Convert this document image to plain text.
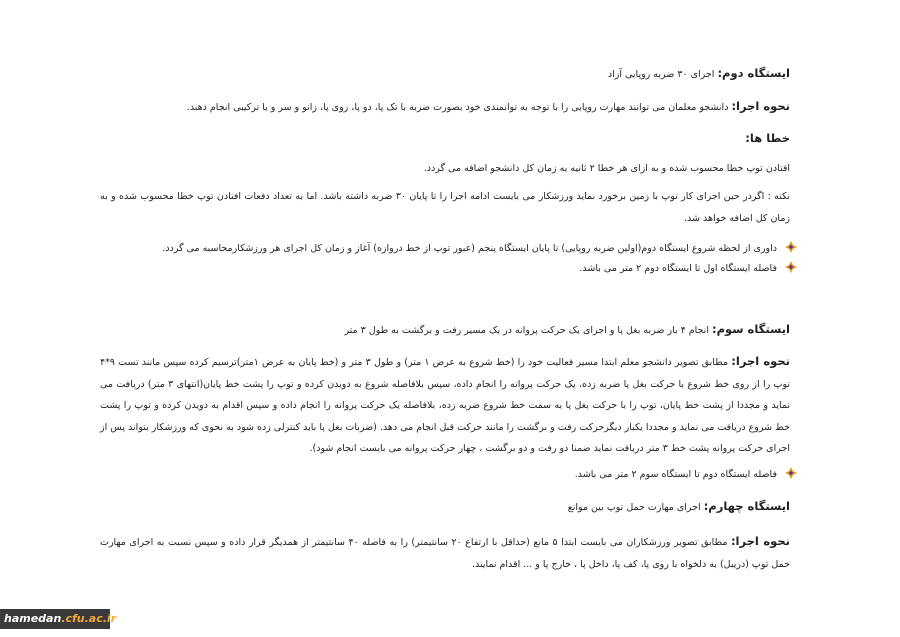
ایستگاه دوم: اجرای ۳۰ ضربه روپایی آزاد
نحوه اجرا: دانشجو معلمان می توانند مهارت روپایی را با توجه به توانمندی خود بصورت ضربه با تک پا، دو پا، روی پا، زانو و سر و یا ترکیبی انجام دهند.
خطا ها:
افتادن توپ خطا محسوب شده و به ازای هر خطا ۲ ثانیه به زمان کل دانشجو اضافه می گردد.
نکته : اگردر حین اجرای کار توپ با زمین برخورد نماید ورزشکار می بایست ادامه اجرا را تا پایان ۳۰ ضربه داشته باشد. اما به تعداد دفعات افتادن توپ خطا محسوب شده و به زمان کل اضافه خواهد شد.
داوری از لحظه شروع ایستگاه دوم(اولین ضربه روپایی) تا پایان ایستگاه پنجم (عبور توپ از خط دروازه) آغاز و زمان کل اجرای هر ورزشکارمحاسبه می گردد.
فاصله ایستگاه اول تا ایستگاه دوم ۲ متر می باشد.
ایستگاه سوم: انجام ۴ بار ضربه بغل پا و اجرای یک حرکت پروانه در یک مسیر رفت و برگشت به طول ۳ متر
نحوه اجرا: مطابق تصویر دانشجو معلم ابتدا مسیر فعالیت خود را (خط شروع به عرض ۱ متر) و طول ۳ متر و (خط پایان به عرض ۱متر)ترسیم کرده سپس مانند تست ۹*۴ توپ را از روی خط شروع با حرکت بغل پا ضربه زده، یک حرکت پروانه را انجام داده، سپس بلافاصله شروع به دویدن کرده و توپ را پشت خط پایان(انتهای ۳ متر) دریافت می نماید و مجددا از پشت خط پایان، توپ را با حرکت بغل پا به سمت خط شروع ضربه زده، بلافاصله یک حرکت پروانه را انجام داده و سپس اقدام به دویدن کرده و توپ را پشت خط شروع دریافت می نماید و مجددا یکبار دیگرحرکت رفت و برگشت را مانند حرکت قبل انجام می دهد. (ضربات بغل پا باید کنترلی زده شود به نحوی که ورزشکار بتواند پس از اجرای حرکت پروانه پشت خط ۳ متر دریافت نماید ضمنا دو رفت و دو برگشت ، چهار حرکت پروانه می بایست انجام شود).
فاصله ایستگاه دوم تا ایستگاه سوم ۲ متر می باشد.
ایستگاه چهارم: اجرای مهارت حمل توپ بین موانع
نحوه اجرا: مطابق تصویر ورزشکاران می بایست ابتدا ۵ مانع (حداقل با ارتفاع ۲۰ سانتیمتر) را به فاصله ۴۰ سانتیمتر از همدیگر قرار داده و سپس نسبت به اجرای مهارت حمل توپ (دریبل) به دلخواه با روی پا، کف پا، داخل پا ، خارج پا و ... اقدام نمایند.
hamedan.cfu.ac.ir
